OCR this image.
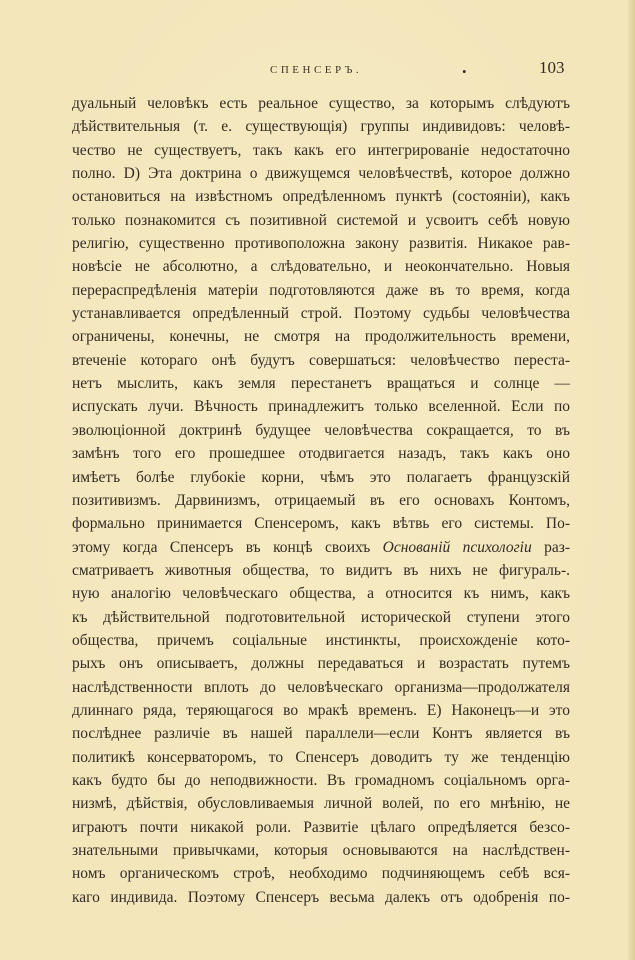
СПЕНСЕРЪ.	•	103
дуальный человѣкъ есть реальное существо, за которымъ слѣдуютъ
дѣйствительныя (т. е. существующія) группы индивидовъ: человѣ-
чество не существуетъ, такъ какъ его интегрированіе недостаточно
полно. D) Эта доктрина о движущемся человѣчествѣ, которое должно
остановиться на извѣстномъ опредѣленномъ пунктѣ (состояніи), какъ
только познакомится съ позитивной системой и усвоитъ себѣ новую
религію, существенно противоположна закону развитія. Никакое рав-
новѣсіе не абсолютно, а слѣдовательно, и неокончательно. Новыя
перераспредѣленія матеріи подготовляются даже въ то время, когда
устанавливается опредѣленный строй. Поэтому судьбы человѣчества
ограничены, конечны, не смотря на продолжительность времени,
втеченіе котораго онѣ будутъ совершаться: человѣчество переста-
нетъ мыслить, какъ земля перестанетъ вращаться и солнце —
испускать лучи. Вѣчность принадлежитъ только вселенной. Если по
эволюціонной доктринѣ будущее человѣчества сокращается, то въ
замѣнъ того его прошедшее отодвигается назадъ, такъ какъ оно
имѣетъ болѣе глубокіе корни, чѣмъ это полагаетъ французскій
позитивизмъ. Дарвинизмъ, отрицаемый въ его основахъ Контомъ,
формально принимается Спенсеромъ, какъ вѣтвь его системы. По-
этому когда Спенсеръ въ концѣ своихъ Основаній психологіи раз-
сматриваетъ животныя общества, то видитъ въ нихъ не фигураль-.
ную аналогію человѣческаго общества, а относится къ нимъ, какъ
къ дѣйствительной подготовительной исторической ступени этого
общества, причемъ соціальные инстинкты, происхожденіе кото-
рыхъ онъ описываетъ, должны передаваться и возрастать путемъ
наслѣдственности вплоть до человѣческаго организма—продолжателя
длиннаго ряда, теряющагося во мракѣ временъ. E) Наконецъ—и это
послѣднее различіе въ нашей параллели—если Контъ является въ
политикѣ консерваторомъ, то Спенсеръ доводитъ ту же тенденцію
какъ будто бы до неподвижности. Въ громадномъ соціальномъ орга-
низмѣ, дѣйствія, обусловливаемыя личной волей, по его мнѣнію, не
играютъ почти никакой роли. Развитіе цѣлаго опредѣляется безсо-
знательными привычками, которыя основываются на наслѣдствен-
номъ органическомъ строѣ, необходимо подчиняющемъ себѣ вся-
каго индивида. Поэтому Спенсеръ весьма далекъ отъ одобренія по-
